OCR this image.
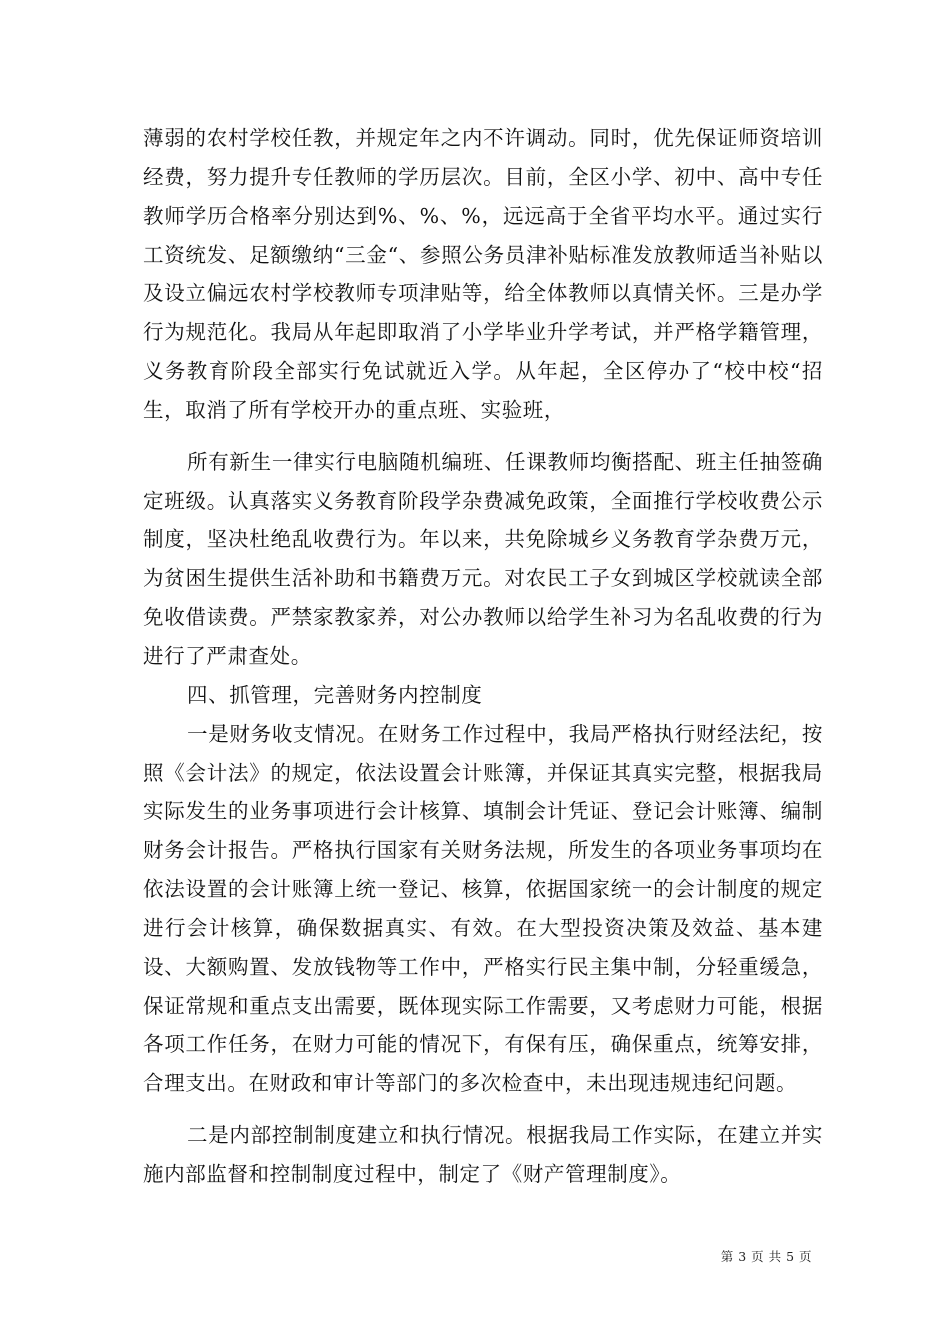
薄弱的农村学校任教，并规定年之内不许调动。同时，优先保证师资培训经费，努力提升专任教师的学历层次。目前，全区小学、初中、高中专任教师学历合格率分别达到%、%、%，远远高于全省平均水平。通过实行工资统发、足额缴纳“三金“、参照公务员津补贴标准发放教师适当补贴以及设立偏远农村学校教师专项津贴等，给全体教师以真情关怀。三是办学行为规范化。我局从年起即取消了小学毕业升学考试，并严格学籍管理，义务教育阶段全部实行免试就近入学。从年起，全区停办了“校中校“招生，取消了所有学校开办的重点班、实验班，

所有新生一律实行电脑随机编班、任课教师均衡搭配、班主任抽签确定班级。认真落实义务教育阶段学杂费减免政策，全面推行学校收费公示制度，坚决杜绝乱收费行为。年以来，共免除城乡义务教育学杂费万元，为贫困生提供生活补助和书籍费万元。对农民工子女到城区学校就读全部免收借读费。严禁家教家养，对公办教师以给学生补习为名乱收费的行为进行了严肃查处。

四、抓管理，完善财务内控制度

一是财务收支情况。在财务工作过程中，我局严格执行财经法纪，按照《会计法》的规定，依法设置会计账簿，并保证其真实完整，根据我局实际发生的业务事项进行会计核算、填制会计凭证、登记会计账簿、编制财务会计报告。严格执行国家有关财务法规，所发生的各项业务事项均在依法设置的会计账簿上统一登记、核算，依据国家统一的会计制度的规定进行会计核算，确保数据真实、有效。在大型投资决策及效益、基本建设、大额购置、发放钱物等工作中，严格实行民主集中制，分轻重缓急，保证常规和重点支出需要，既体现实际工作需要，又考虑财力可能，根据各项工作任务，在财力可能的情况下，有保有压，确保重点，统筹安排，合理支出。在财政和审计等部门的多次检查中，未出现违规违纪问题。

二是内部控制制度建立和执行情况。根据我局工作实际，在建立并实施内部监督和控制制度过程中，制定了《财产管理制度》。

第 3 页 共 5 页
